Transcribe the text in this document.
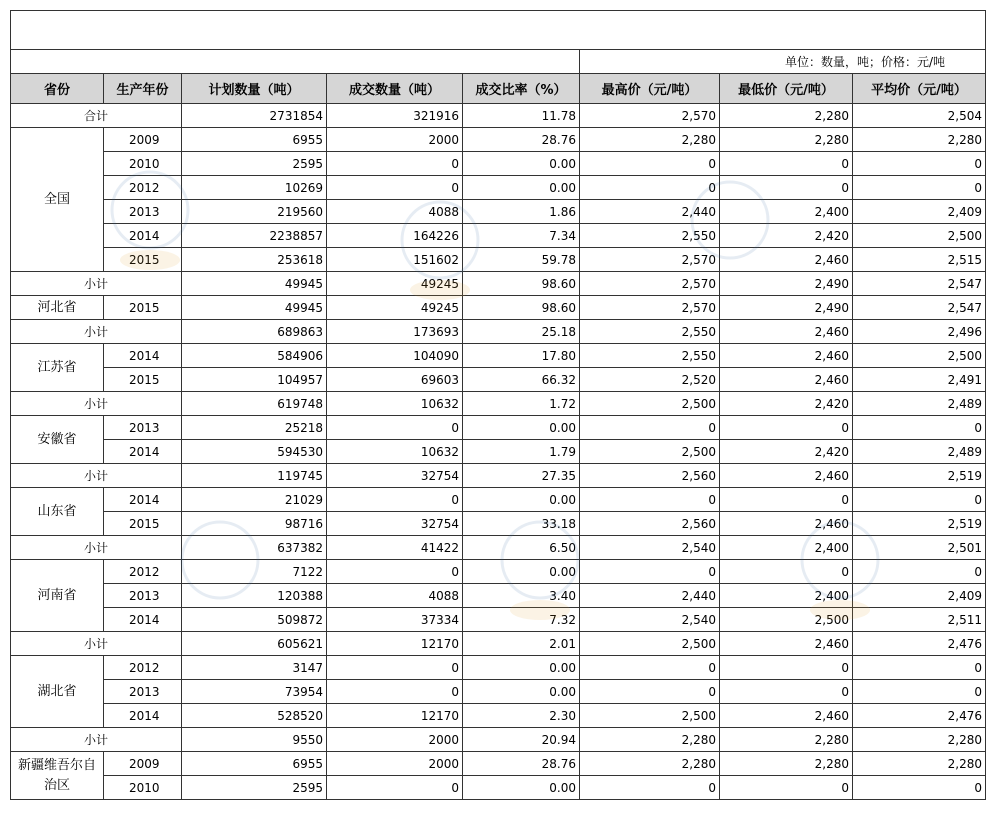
					单位：数量，吨；价格：元/吨		
省份	生产年份	计划数量（吨）	成交数量（吨）	成交比率（%）	最高价（元/吨）	最低价（元/吨）	平均价（元/吨）
合计		2731854	321916	11.78	2,570	2,280	2,504
全国	2009	6955	2000	28.76	2,280	2,280	2,280
	2010	2595	0	0.00	0	0	0
	2012	10269	0	0.00	0	0	0
	2013	219560	4088	1.86	2,440	2,400	2,409
	2014	2238857	164226	7.34	2,550	2,420	2,500
	2015	253618	151602	59.78	2,570	2,460	2,515
小计		49945	49245	98.60	2,570	2,490	2,547
河北省	2015	49945	49245	98.60	2,570	2,490	2,547
小计		689863	173693	25.18	2,550	2,460	2,496
江苏省	2014	584906	104090	17.80	2,550	2,460	2,500
	2015	104957	69603	66.32	2,520	2,460	2,491
小计		619748	10632	1.72	2,500	2,420	2,489
安徽省	2013	25218	0	0.00	0	0	0
	2014	594530	10632	1.79	2,500	2,420	2,489
小计		119745	32754	27.35	2,560	2,460	2,519
山东省	2014	21029	0	0.00	0	0	0
	2015	98716	32754	33.18	2,560	2,460	2,519
小计		637382	41422	6.50	2,540	2,400	2,501
河南省	2012	7122	0	0.00	0	0	0
	2013	120388	4088	3.40	2,440	2,400	2,409
	2014	509872	37334	7.32	2,540	2,500	2,511
小计		605621	12170	2.01	2,500	2,460	2,476
湖北省	2012	3147	0	0.00	0	0	0
	2013	73954	0	0.00	0	0	0
	2014	528520	12170	2.30	2,500	2,460	2,476
小计		9550	2000	20.94	2,280	2,280	2,280
新疆维吾尔自治区	2009	6955	2000	28.76	2,280	2,280	2,280
	2010	2595	0	0.00	0	0	0
